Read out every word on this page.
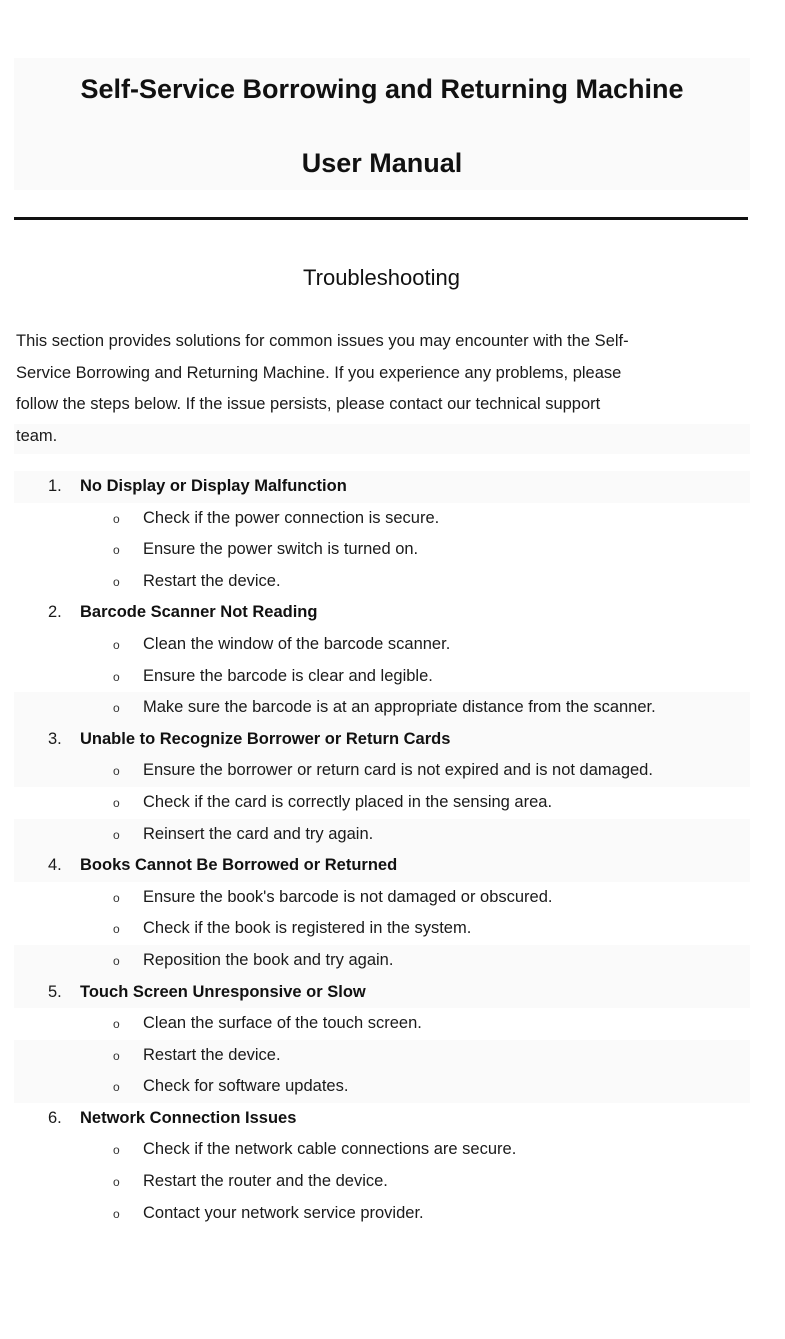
Self-Service Borrowing and Returning Machine
User Manual
Troubleshooting
This section provides solutions for common issues you may encounter with the Self-
Service Borrowing and Returning Machine. If you experience any problems, please
follow the steps below. If the issue persists, please contact our technical support
team.
1. No Display or Display Malfunction
o Check if the power connection is secure.
o Ensure the power switch is turned on.
o Restart the device.
2. Barcode Scanner Not Reading
o Clean the window of the barcode scanner.
o Ensure the barcode is clear and legible.
o Make sure the barcode is at an appropriate distance from the scanner.
3. Unable to Recognize Borrower or Return Cards
o Ensure the borrower or return card is not expired and is not damaged.
o Check if the card is correctly placed in the sensing area.
o Reinsert the card and try again.
4. Books Cannot Be Borrowed or Returned
o Ensure the book's barcode is not damaged or obscured.
o Check if the book is registered in the system.
o Reposition the book and try again.
5. Touch Screen Unresponsive or Slow
o Clean the surface of the touch screen.
o Restart the device.
o Check for software updates.
6. Network Connection Issues
o Check if the network cable connections are secure.
o Restart the router and the device.
o Contact your network service provider.
